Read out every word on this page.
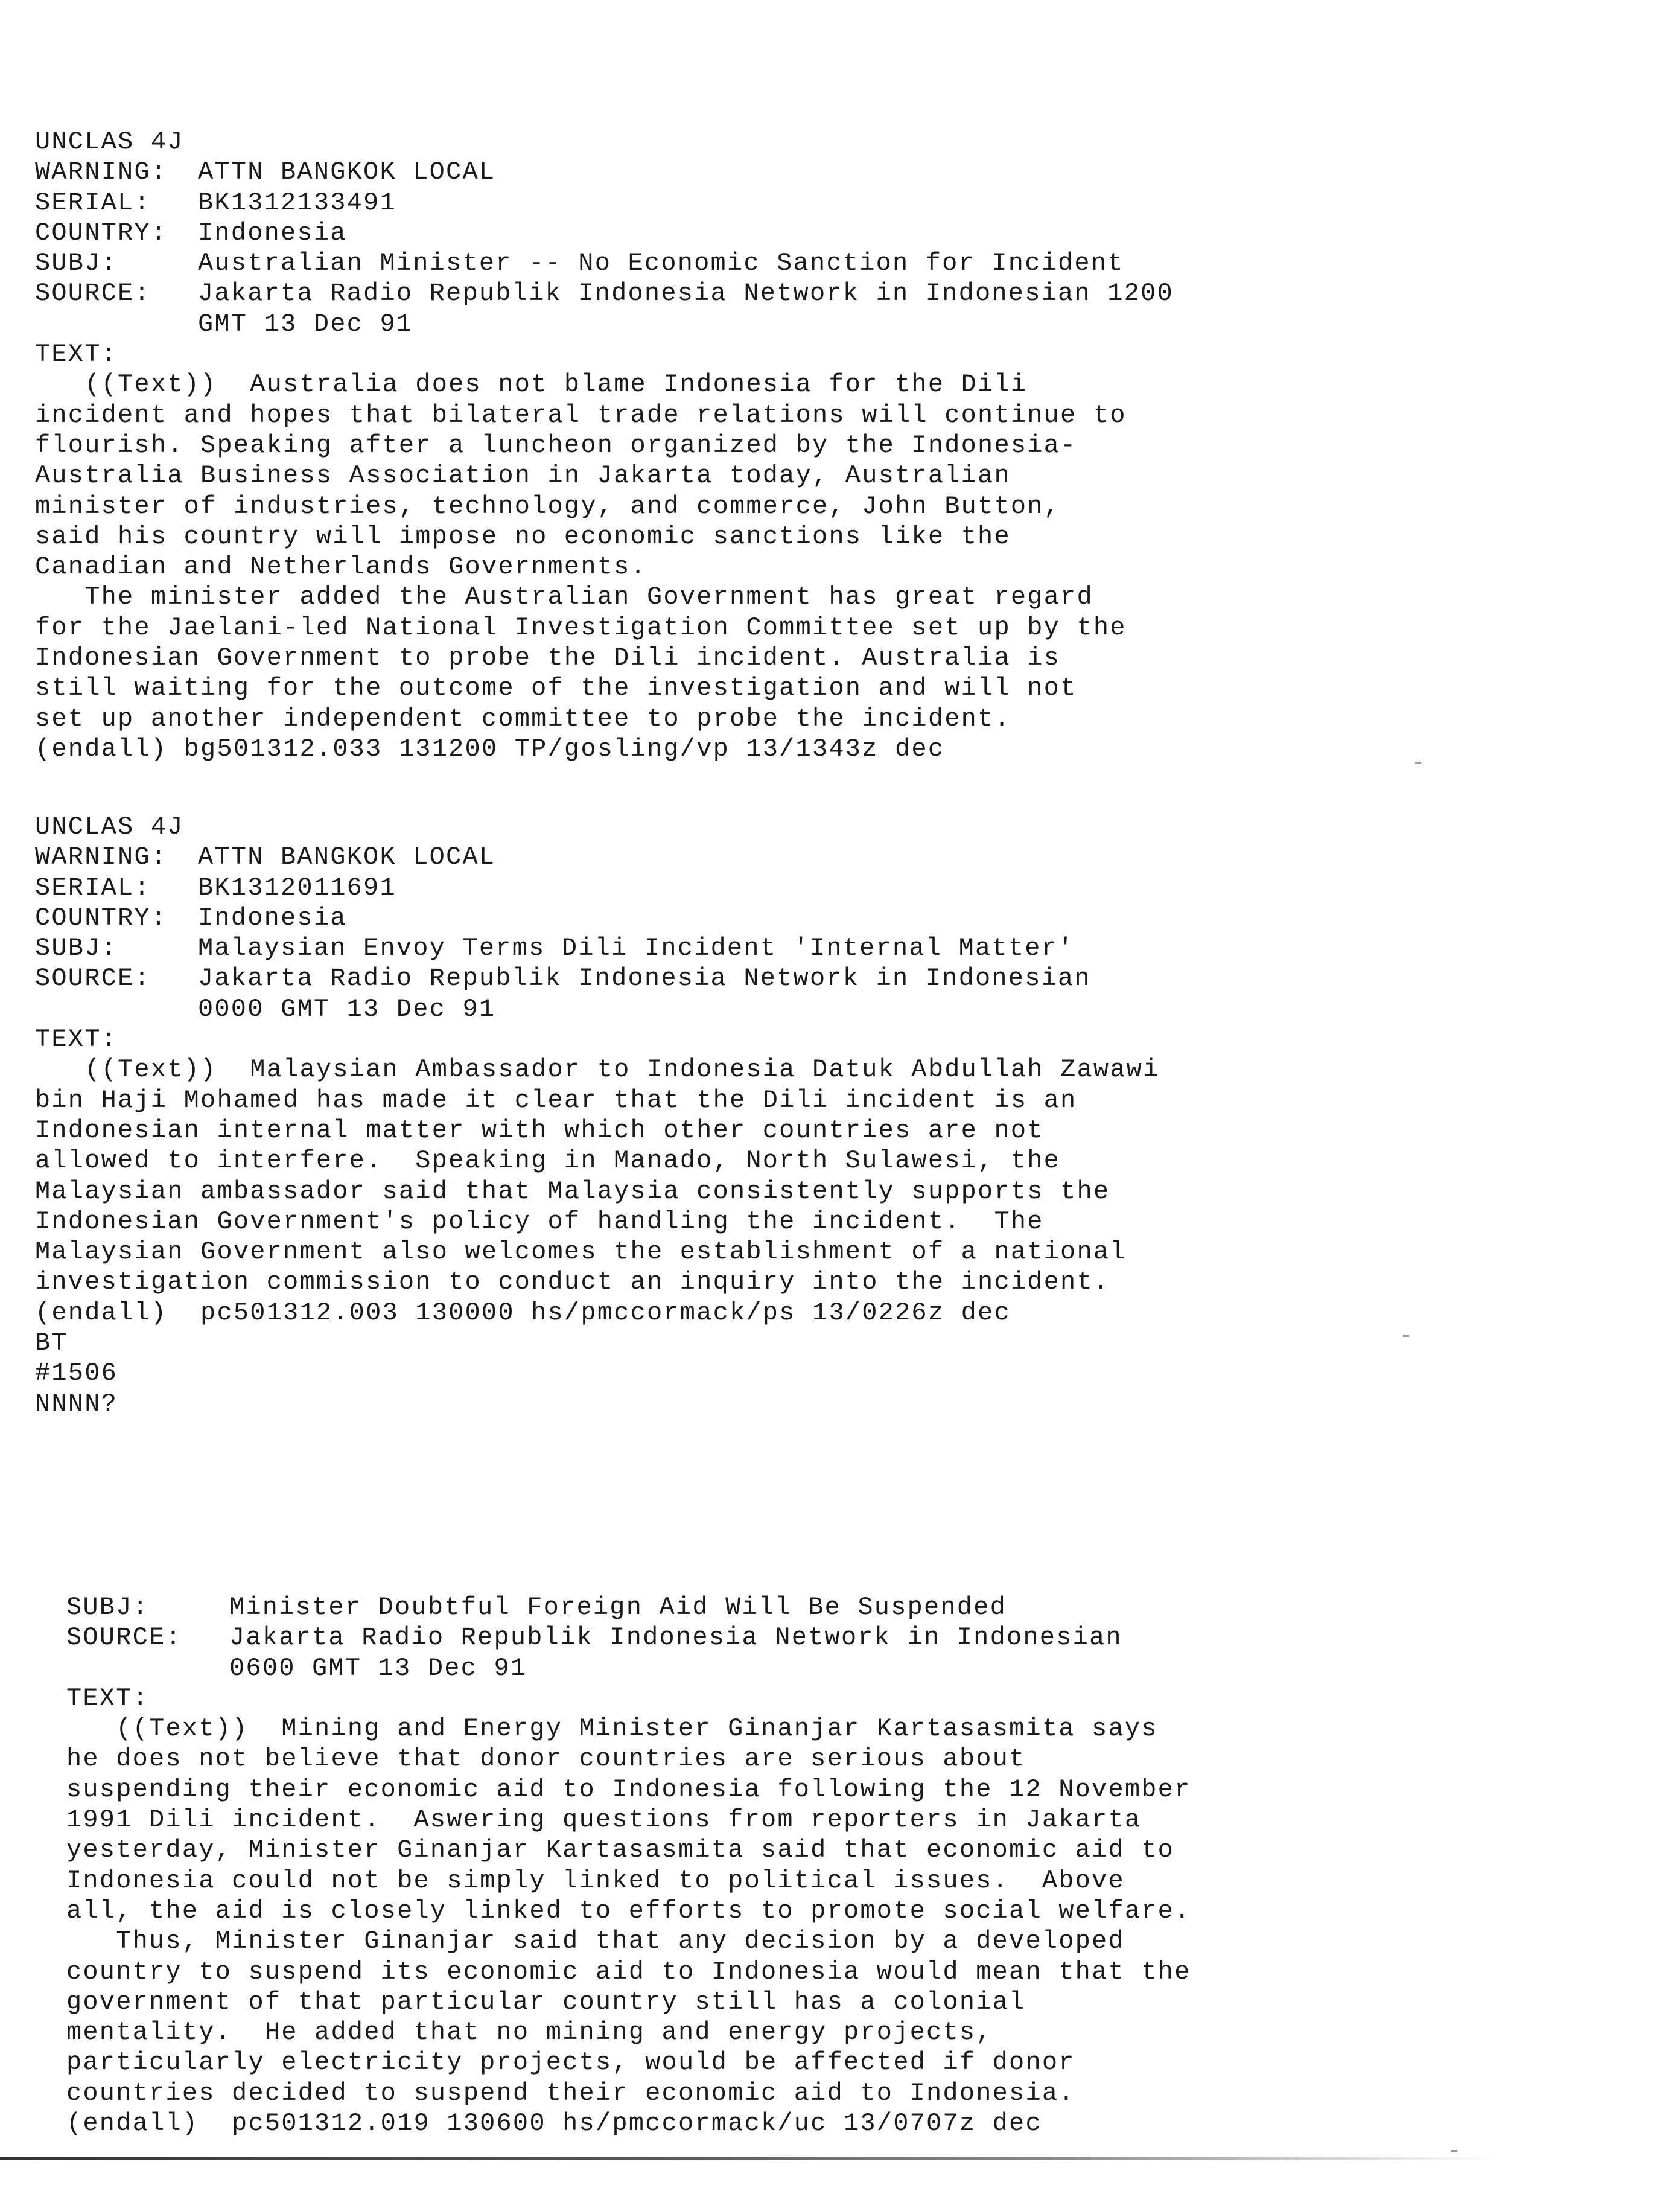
UNCLAS 4J
WARNING:	ATTN BANGKOK LOCAL
SERIAL:	BK1312133491
COUNTRY:	Indonesia
SUBJ:	Australian Minister -- No Economic Sanction for Incident
SOURCE:	Jakarta Radio Republik Indonesia Network in Indonesian 1200
GMT 13 Dec 91
TEXT:
((Text))  Australia does not blame Indonesia for the Dili
incident and hopes that bilateral trade relations will continue to
flourish. Speaking after a luncheon organized by the Indonesia-
Australia Business Association in Jakarta today, Australian
minister of industries, technology, and commerce, John Button,
said his country will impose no economic sanctions like the
Canadian and Netherlands Governments.
The minister added the Australian Government has great regard
for the Jaelani-led National Investigation Committee set up by the
Indonesian Government to probe the Dili incident. Australia is
still waiting for the outcome of the investigation and will not
set up another independent committee to probe the incident.
(endall) bg501312.033 131200 TP/gosling/vp 13/1343z dec
UNCLAS 4J
WARNING:	ATTN BANGKOK LOCAL
SERIAL:	BK1312011691
COUNTRY:	Indonesia
SUBJ:	Malaysian Envoy Terms Dili Incident 'Internal Matter'
SOURCE:	Jakarta Radio Republik Indonesia Network in Indonesian
0000 GMT 13 Dec 91
TEXT:
((Text))  Malaysian Ambassador to Indonesia Datuk Abdullah Zawawi
bin Haji Mohamed has made it clear that the Dili incident is an
Indonesian internal matter with which other countries are not
allowed to interfere.  Speaking in Manado, North Sulawesi, the
Malaysian ambassador said that Malaysia consistently supports the
Indonesian Government's policy of handling the incident.  The
Malaysian Government also welcomes the establishment of a national
investigation commission to conduct an inquiry into the incident.
(endall)  pc501312.003 130000 hs/pmccormack/ps 13/0226z dec
BT
#1506
NNNN?
SUBJ:	Minister Doubtful Foreign Aid Will Be Suspended
SOURCE:	Jakarta Radio Republik Indonesia Network in Indonesian
0600 GMT 13 Dec 91
TEXT:
((Text))  Mining and Energy Minister Ginanjar Kartasasmita says
he does not believe that donor countries are serious about
suspending their economic aid to Indonesia following the 12 November
1991 Dili incident.  Aswering questions from reporters in Jakarta
yesterday, Minister Ginanjar Kartasasmita said that economic aid to
Indonesia could not be simply linked to political issues.  Above
all, the aid is closely linked to efforts to promote social welfare.
Thus, Minister Ginanjar said that any decision by a developed
country to suspend its economic aid to Indonesia would mean that the
government of that particular country still has a colonial
mentality.  He added that no mining and energy projects,
particularly electricity projects, would be affected if donor
countries decided to suspend their economic aid to Indonesia.
(endall)  pc501312.019 130600 hs/pmccormack/uc 13/0707z dec
